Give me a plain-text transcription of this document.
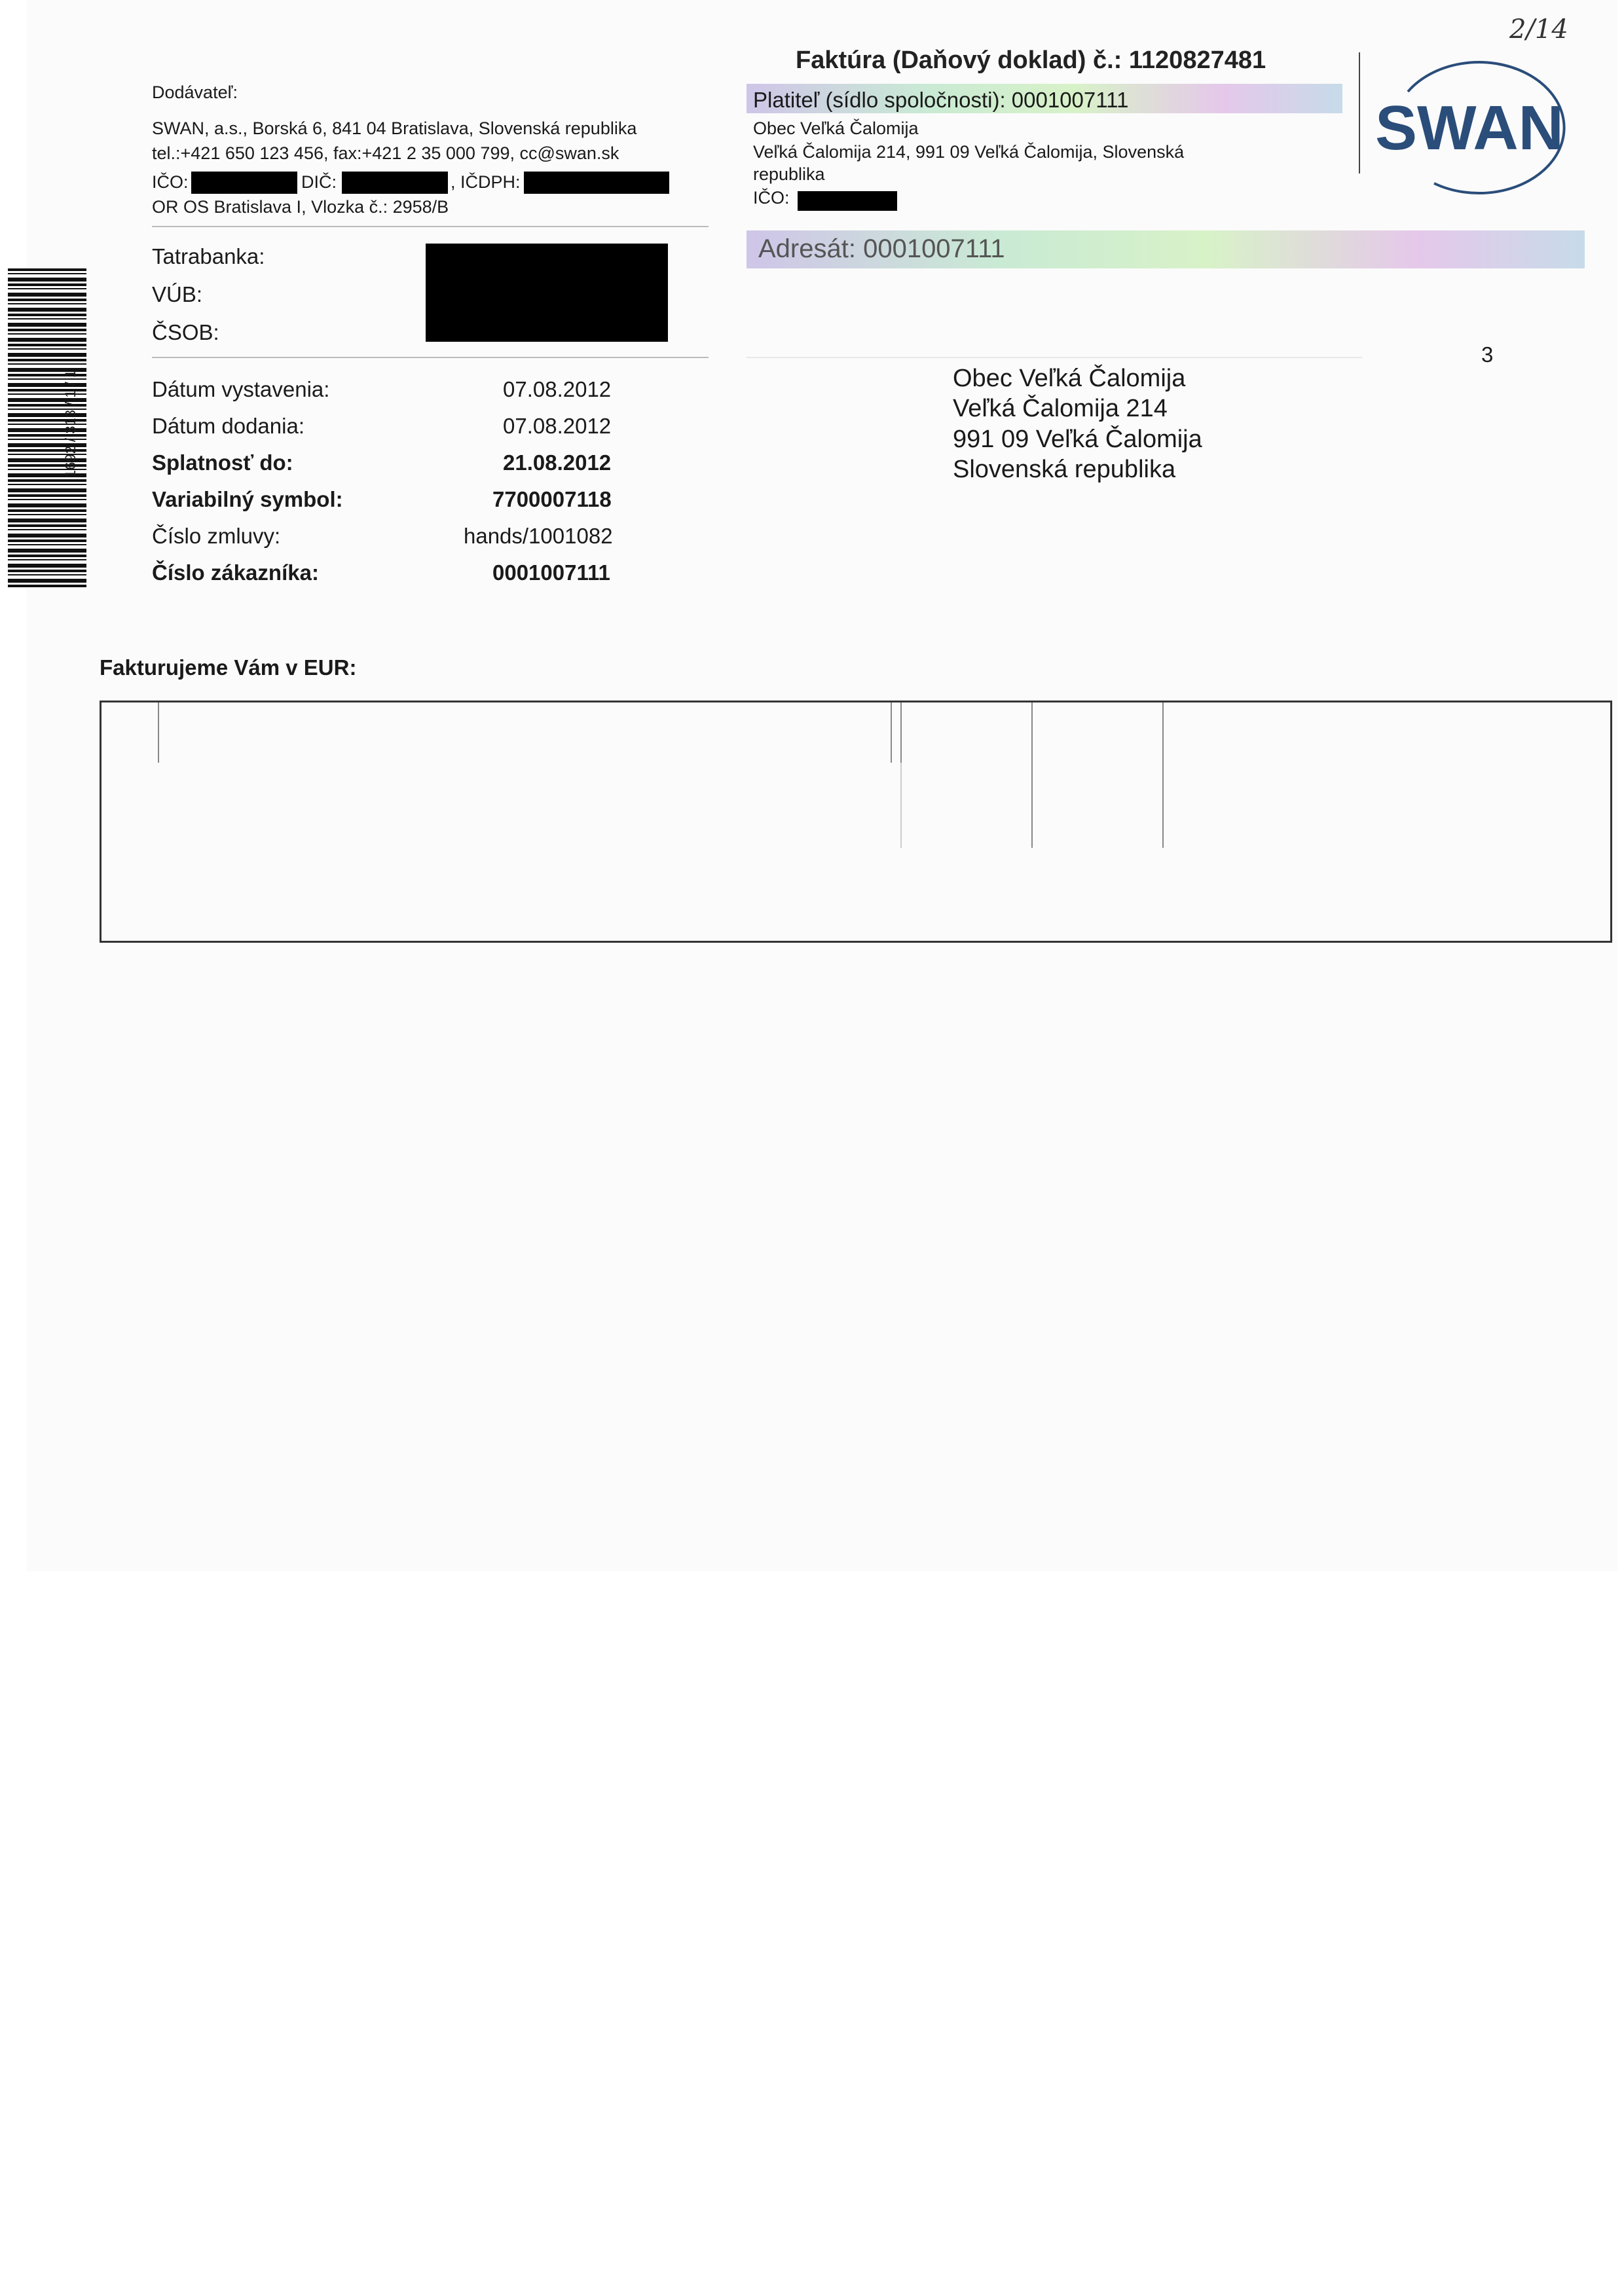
1692 / 313 / 1 / 1
Dodávateľ:
SWAN, a.s., Borská 6, 841 04 Bratislava, Slovenská republika
tel.:+421 650 123 456, fax:+421 2 35 000 799, cc@swan.sk
IČO:	DIČ:	, IČDPH:
OR OS Bratislava I, Vlozka č.: 2958/B
Tatrabanka:
VÚB:
ČSOB:
Dátum vystavenia:	07.08.2012
Dátum dodania:	07.08.2012
Splatnosť do:	21.08.2012
Variabilný symbol:	7700007118
Číslo zmluvy:	hands/1001082
Číslo zákazníka:	0001007111
Faktúra (Daňový doklad) č.: 1120827481
Platiteľ (sídlo spoločnosti): 0001007111
Obec Veľká Čalomija
Veľká Čalomija 214, 991 09 Veľká Čalomija, Slovenská
republika
IČO:
Adresát: 0001007111
2/14
3
SWAN
Obec Veľká Čalomija
Veľká Čalomija 214
991 09 Veľká Čalomija
Slovenská republika
Fakturujeme Vám v EUR:
